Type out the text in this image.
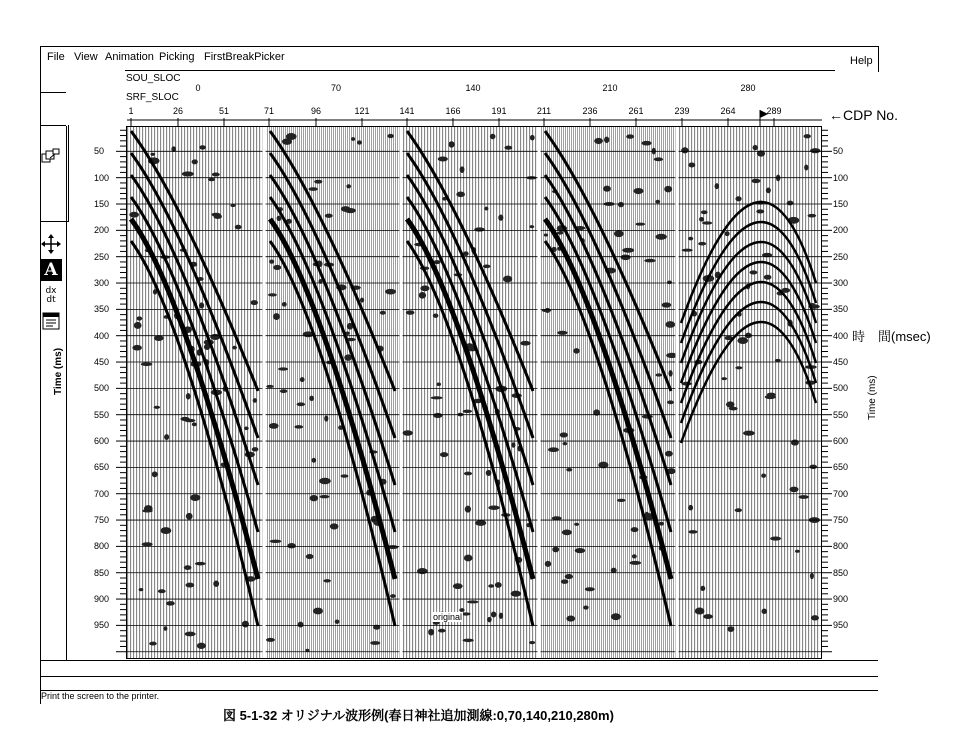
File View Animation Picking FirstBreakPicker	Help
SOU_SLOC
SRF_SLOC
←CDP No.
0	70	140	210	280
1	26	51	71	96	121	141	166	191	211	236	261	239	264	289
A
dx
dt
Time (ms)
50
100
150
200
250
300
350
400
450
500
550
600
650
700
750
800
850
900
950
50
100
150
200
250
300
350
400
450
500
550
600
650
700
750
800
850
900
950
Time (ms)
時　間(msec)
original
Print the screen to the printer.
図 5-1-32 オリジナル波形例(春日神社追加測線:0,70,140,210,280m)
